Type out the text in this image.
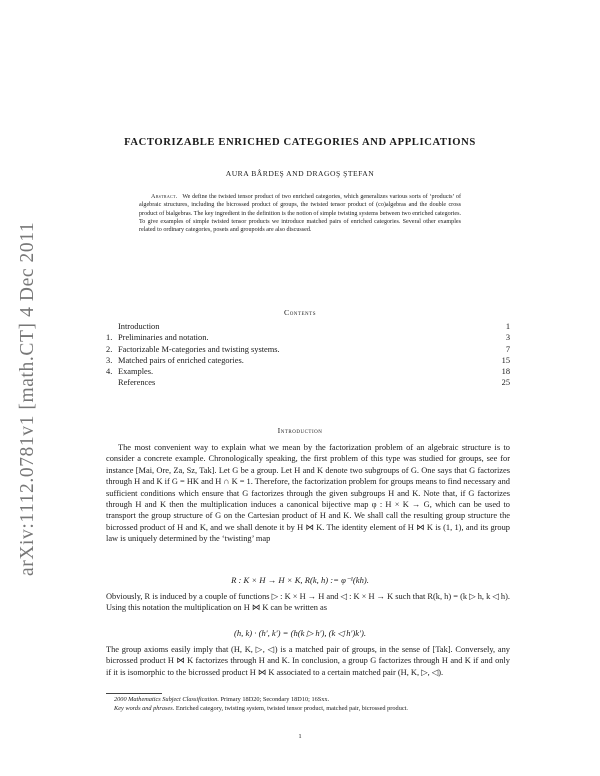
arXiv:1112.0781v1 [math.CT] 4 Dec 2011
FACTORIZABLE ENRICHED CATEGORIES AND APPLICATIONS
AURA BÂRDEŞ AND DRAGOŞ ŞTEFAN
Abstract. We define the twisted tensor product of two enriched categories, which generalizes various sorts of ‘products’ of algebraic structures, including the bicrossed product of groups, the twisted tensor product of (co)algebras and the double cross product of bialgebras. The key ingredient in the definition is the notion of simple twisting systems between two enriched categories. To give examples of simple twisted tensor products we introduce matched pairs of enriched categories. Several other examples related to ordinary categories, posets and groupoids are also discussed.
Contents
Introduction	1
1. Preliminaries and notation.	3
2. Factorizable M-categories and twisting systems.	7
3. Matched pairs of enriched categories.	15
4. Examples.	18
References	25
Introduction
The most convenient way to explain what we mean by the factorization problem of an algebraic structure is to consider a concrete example. Chronologically speaking, the first problem of this type was studied for groups, see for instance [Mai, Ore, Za, Sz, Tak]. Let G be a group. Let H and K denote two subgroups of G. One says that G factorizes through H and K if G = HK and H ∩ K = 1. Therefore, the factorization problem for groups means to find necessary and sufficient conditions which ensure that G factorizes through the given subgroups H and K. Note that, if G factorizes through H and K then the multiplication induces a canonical bijective map φ : H × K → G, which can be used to transport the group structure of G on the Cartesian product of H and K. We shall call the resulting group structure the bicrossed product of H and K, and we shall denote it by H ⋈ K. The identity element of H ⋈ K is (1, 1), and its group law is uniquely determined by the ‘twisting’ map
R : K × H → H × K, R(k, h) := φ⁻¹(kh).
Obviously, R is induced by a couple of functions ▷ : K × H → H and ◁ : K × H → K such that R(k, h) = (k ▷ h, k ◁ h). Using this notation the multiplication on H ⋈ K can be written as
(h, k) · (h′, k′) = (h(k ▷ h′), (k ◁ h′)k′).
The group axioms easily imply that (H, K, ▷, ◁) is a matched pair of groups, in the sense of [Tak]. Conversely, any bicrossed product H ⋈ K factorizes through H and K. In conclusion, a group G factorizes through H and K if and only if it is isomorphic to the bicrossed product H ⋈ K associated to a certain matched pair (H, K, ▷, ◁).
2000 Mathematics Subject Classification. Primary 18D20; Secondary 18D10; 16Sxx.
Key words and phrases. Enriched category, twisting system, twisted tensor product, matched pair, bicrossed product.
1
